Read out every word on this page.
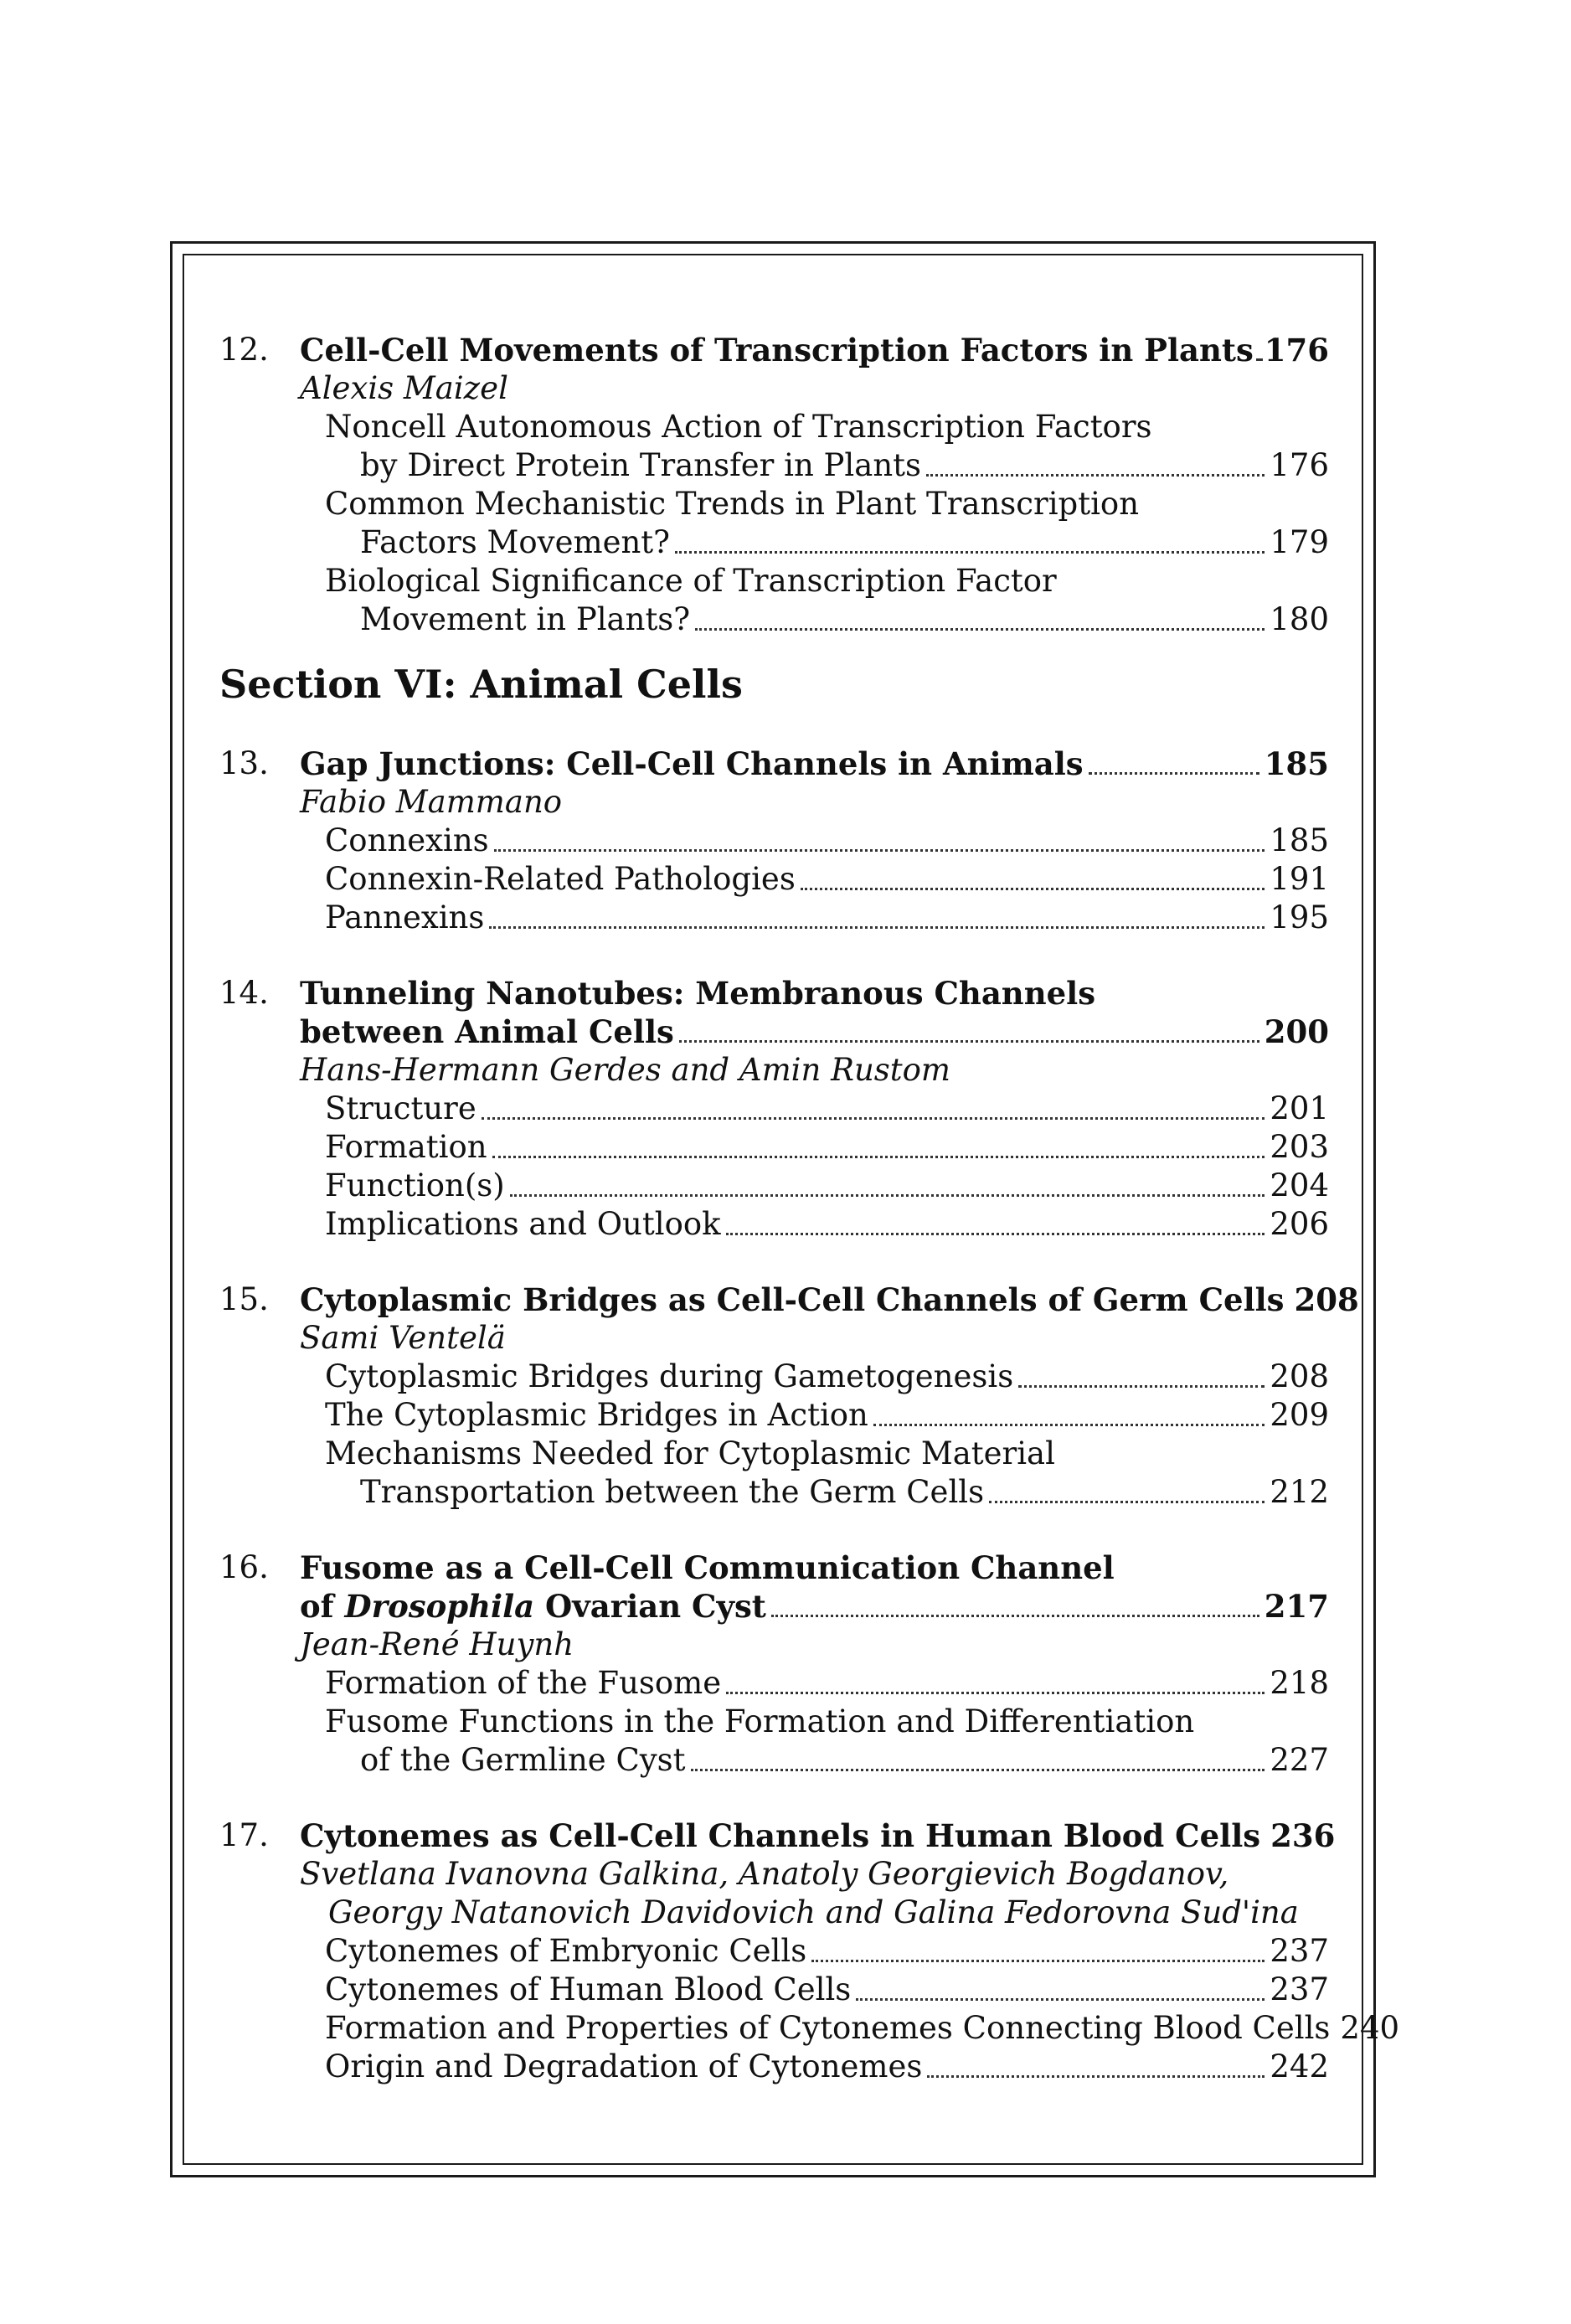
12. Cell-Cell Movements of Transcription Factors in Plants 176
Alexis Maizel
Noncell Autonomous Action of Transcription Factors
by Direct Protein Transfer in Plants	176
Common Mechanistic Trends in Plant Transcription
Factors Movement?	179
Biological Significance of Transcription Factor
Movement in Plants?	180
Section VI: Animal Cells
13. Gap Junctions: Cell-Cell Channels in Animals	185
Fabio Mammano
Connexins	185
Connexin-Related Pathologies	191
Pannexins	195
14. Tunneling Nanotubes: Membranous Channels
between Animal Cells	200
Hans-Hermann Gerdes and Amin Rustom
Structure	201
Formation	203
Function(s)	204
Implications and Outlook	206
15. Cytoplasmic Bridges as Cell-Cell Channels of Germ Cells 208
Sami Ventelä
Cytoplasmic Bridges during Gametogenesis	208
The Cytoplasmic Bridges in Action	209
Mechanisms Needed for Cytoplasmic Material
Transportation between the Germ Cells	212
16. Fusome as a Cell-Cell Communication Channel
of Drosophila Ovarian Cyst	217
Jean-René Huynh
Formation of the Fusome	218
Fusome Functions in the Formation and Differentiation
of the Germline Cyst	227
17. Cytonemes as Cell-Cell Channels in Human Blood Cells 236
Svetlana Ivanovna Galkina, Anatoly Georgievich Bogdanov,
Georgy Natanovich Davidovich and Galina Fedorovna Sud'ina
Cytonemes of Embryonic Cells	237
Cytonemes of Human Blood Cells	237
Formation and Properties of Cytonemes Connecting Blood Cells 240
Origin and Degradation of Cytonemes	242
